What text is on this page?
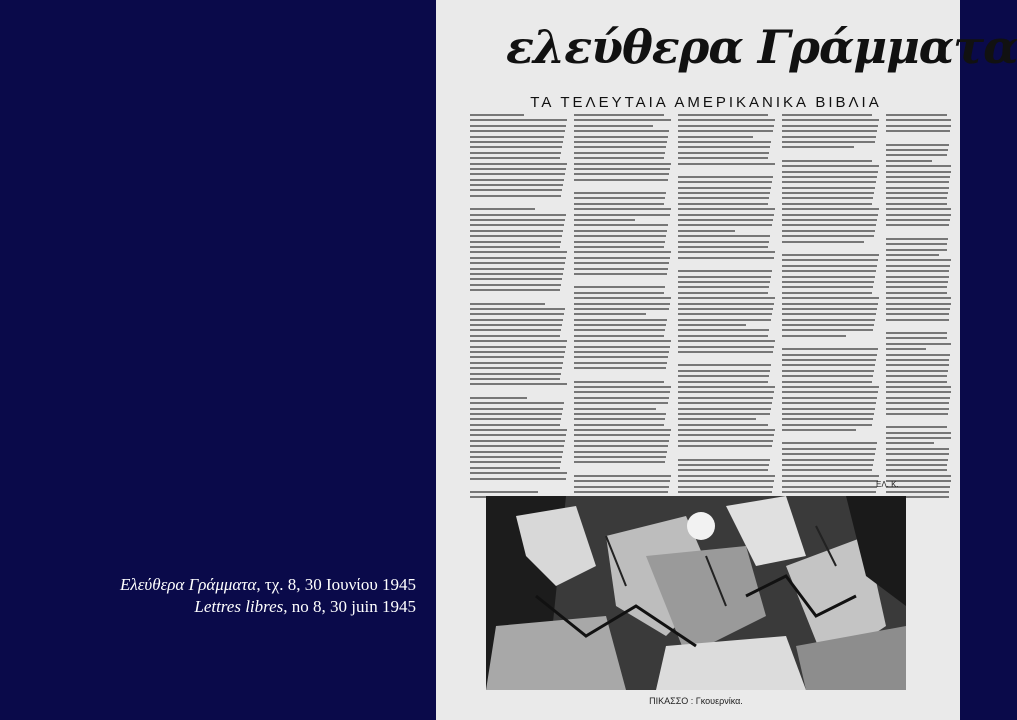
Ελεύθερα Γράμματα, τχ. 8, 30 Ιουνίου 1945
Lettres libres, no 8, 30 juin 1945
ελεύθερα Γράμματα
ΤΑ ΤΕΛΕΥΤΑΙΑ ΑΜΕΡΙΚΑΝΙΚΑ ΒΙΒΛΙΑ
ΕΛ. Κ.
ΠΙΚΑΣΣΟ : Γκουερνίκα.
